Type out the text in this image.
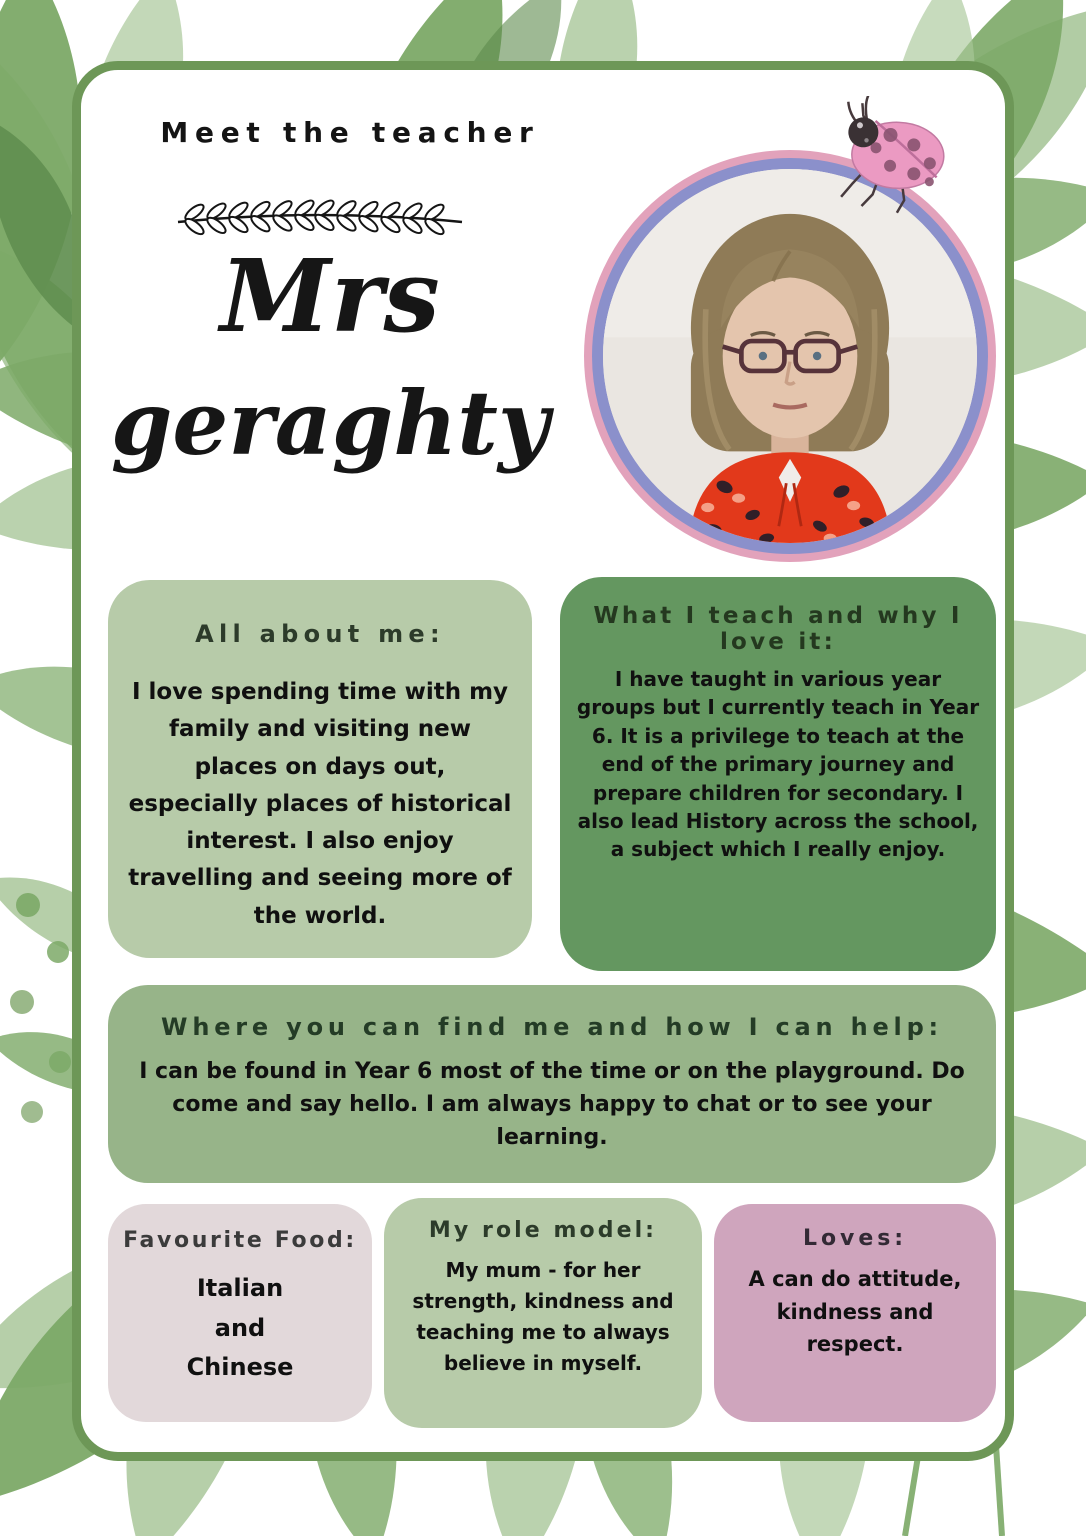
Meet the teacher
Mrs
geraghty
All about me:
I love spending time with my family and visiting new places on days out, especially places of historical interest. I also enjoy travelling and seeing more of the world.
What I teach and why I love it:
I have taught in various year groups but I currently teach in Year 6. It is a privilege to teach at the end of the primary journey and prepare children for secondary. I also lead History across the school, a subject which I really enjoy.
Where you can find me and how I can help:
I can be found in Year 6 most of the time or on the playground. Do come and say hello. I am always happy to chat or to see your learning.
Favourite Food:
Italian
and
Chinese
My role model:
My mum - for her strength, kindness and teaching me to always believe in myself.
Loves:
A can do attitude, kindness and respect.
